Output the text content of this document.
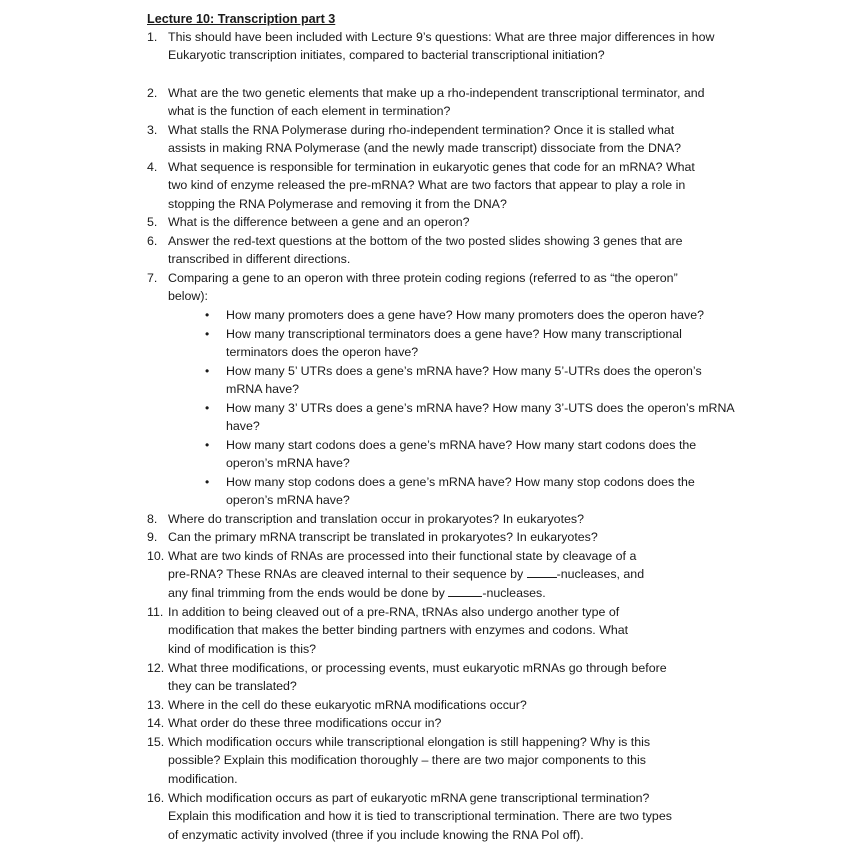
Lecture 10: Transcription part 3
1. This should have been included with Lecture 9’s questions: What are three major differences in how
Eukaryotic transcription initiates, compared to bacterial transcriptional initiation?
2. What are the two genetic elements that make up a rho-independent transcriptional terminator, and
what is the function of each element in termination?
3. What stalls the RNA Polymerase during rho-independent termination? Once it is stalled what
assists in making RNA Polymerase (and the newly made transcript) dissociate from the DNA?
4. What sequence is responsible for termination in eukaryotic genes that code for an mRNA? What
two kind of enzyme released the pre-mRNA? What are two factors that appear to play a role in
stopping the RNA Polymerase and removing it from the DNA?
5. What is the difference between a gene and an operon?
6. Answer the red-text questions at the bottom of the two posted slides showing 3 genes that are
transcribed in different directions.
7. Comparing a gene to an operon with three protein coding regions (referred to as “the operon”
below):
• How many promoters does a gene have? How many promoters does the operon have?
• How many transcriptional terminators does a gene have? How many transcriptional
terminators does the operon have?
• How many 5’ UTRs does a gene’s mRNA have? How many 5’-UTRs does the operon’s
mRNA have?
• How many 3’ UTRs does a gene’s mRNA have? How many 3’-UTS does the operon’s mRNA
have?
• How many start codons does a gene’s mRNA have? How many start codons does the
operon’s mRNA have?
• How many stop codons does a gene’s mRNA have? How many stop codons does the
operon’s mRNA have?
8. Where do transcription and translation occur in prokaryotes? In eukaryotes?
9. Can the primary mRNA transcript be translated in prokaryotes? In eukaryotes?
10. What are two kinds of RNAs are processed into their functional state by cleavage of a
pre-RNA? These RNAs are cleaved internal to their sequence by -nucleases, and
any final trimming from the ends would be done by	-nucleases.
11. In addition to being cleaved out of a pre-RNA, tRNAs also undergo another type of
modification that makes the better binding partners with enzymes and codons. What
kind of modification is this?
12. What three modifications, or processing events, must eukaryotic mRNAs go through before
they can be translated?
13. Where in the cell do these eukaryotic mRNA modifications occur?
14. What order do these three modifications occur in?
15. Which modification occurs while transcriptional elongation is still happening? Why is this
possible? Explain this modification thoroughly – there are two major components to this
modification.
16. Which modification occurs as part of eukaryotic mRNA gene transcriptional termination?
Explain this modification and how it is tied to transcriptional termination. There are two types
of enzymatic activity involved (three if you include knowing the RNA Pol off).
